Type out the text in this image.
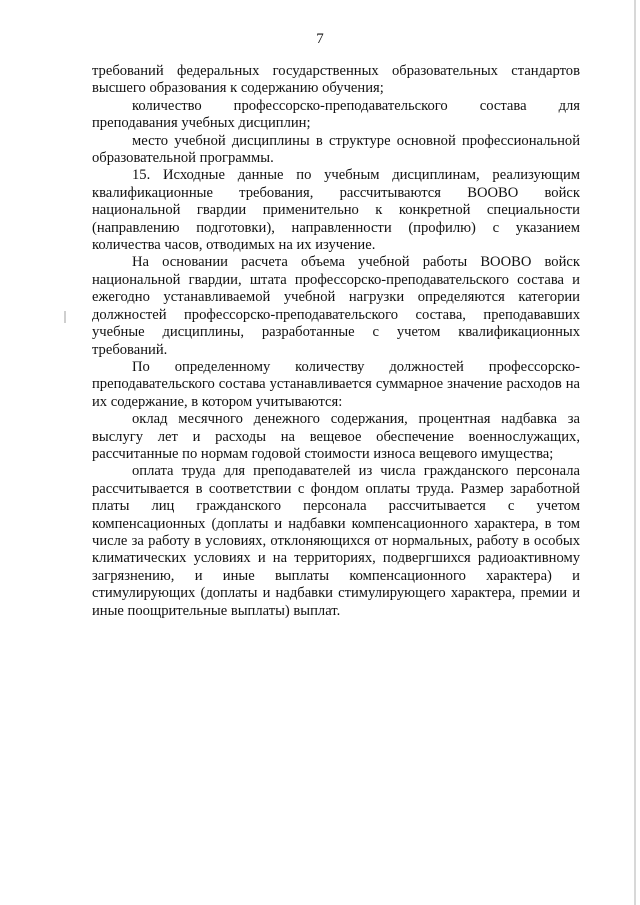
7

требований федеральных государственных образовательных стандартов высшего образования к содержанию обучения;

количество профессорско-преподавательского состава для преподавания учебных дисциплин;

место учебной дисциплины в структуре основной профессиональной образовательной программы.

15. Исходные данные по учебным дисциплинам, реализующим квалификационные требования, рассчитываются ВООВО войск национальной гвардии применительно к конкретной специальности (направлению подготовки), направленности (профилю) с указанием количества часов, отводимых на их изучение.

На основании расчета объема учебной работы ВООВО войск национальной гвардии, штата профессорско-преподавательского состава и ежегодно устанавливаемой учебной нагрузки определяются категории должностей профессорско-преподавательского состава, преподававших учебные дисциплины, разработанные с учетом квалификационных требований.

По определенному количеству должностей профессорско-преподавательского состава устанавливается суммарное значение расходов на их содержание, в котором учитываются:

оклад месячного денежного содержания, процентная надбавка за выслугу лет и расходы на вещевое обеспечение военнослужащих, рассчитанные по нормам годовой стоимости износа вещевого имущества;

оплата труда для преподавателей из числа гражданского персонала рассчитывается в соответствии с фондом оплаты труда. Размер заработной платы лиц гражданского персонала рассчитывается с учетом компенсационных (доплаты и надбавки компенсационного характера, в том числе за работу в условиях, отклоняющихся от нормальных, работу в особых климатических условиях и на территориях, подвергшихся радиоактивному загрязнению, и иные выплаты компенсационного характера) и стимулирующих (доплаты и надбавки стимулирующего характера, премии и иные поощрительные выплаты) выплат.
